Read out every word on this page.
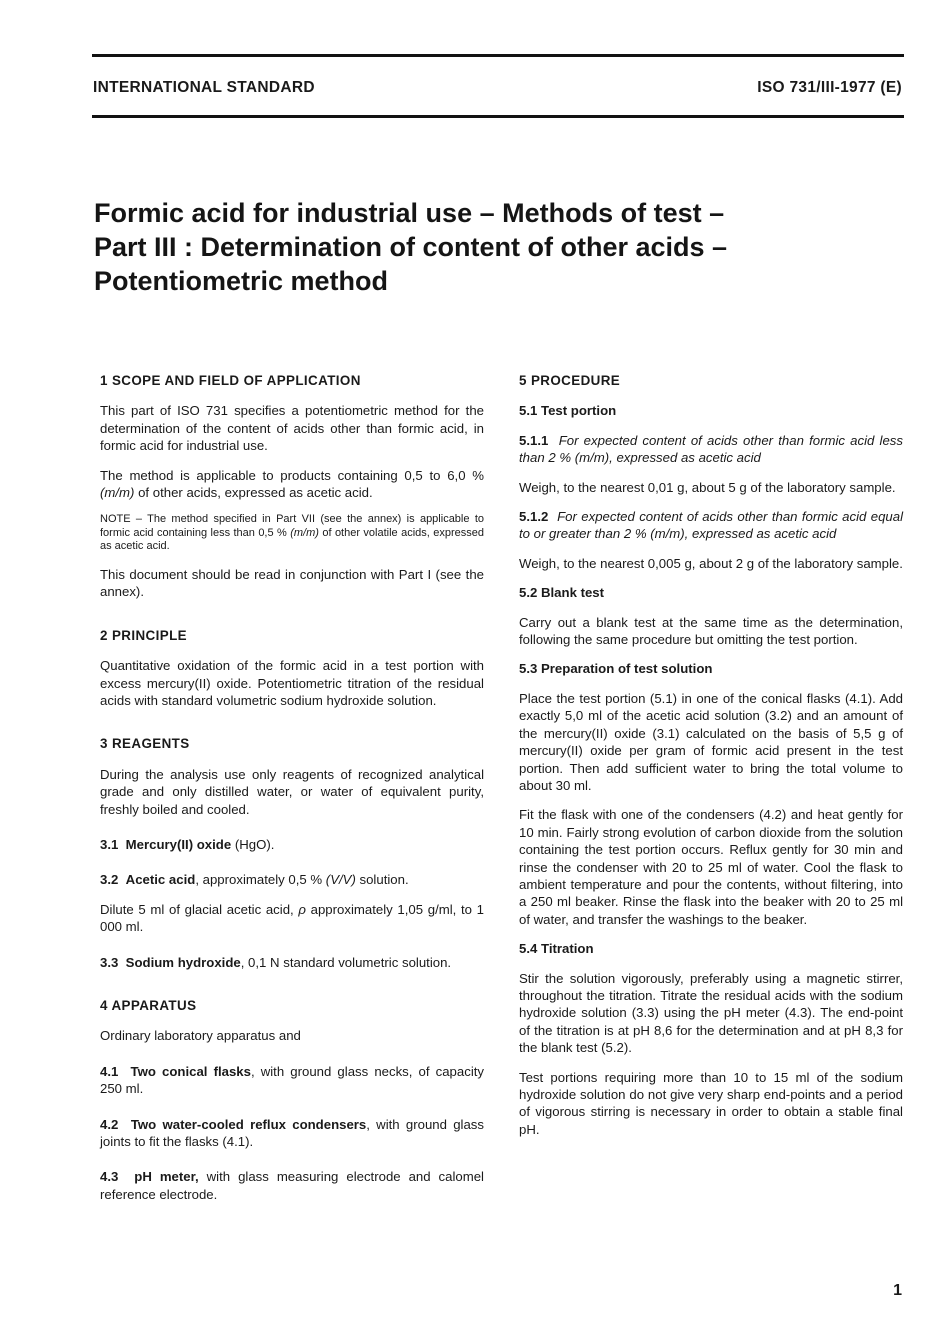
INTERNATIONAL STANDARD	ISO 731/III-1977 (E)
Formic acid for industrial use – Methods of test –
Part III : Determination of content of other acids –
Potentiometric method
1 SCOPE AND FIELD OF APPLICATION

This part of ISO 731 specifies a potentiometric method for the determination of the content of acids other than formic acid, in formic acid for industrial use.

The method is applicable to products containing 0,5 to 6,0 % (m/m) of other acids, expressed as acetic acid.

NOTE – The method specified in Part VII (see the annex) is applicable to formic acid containing less than 0,5 % (m/m) of other volatile acids, expressed as acetic acid.

This document should be read in conjunction with Part I (see the annex).

2 PRINCIPLE

Quantitative oxidation of the formic acid in a test portion with excess mercury(II) oxide. Potentiometric titration of the residual acids with standard volumetric sodium hydroxide solution.

3 REAGENTS

During the analysis use only reagents of recognized analytical grade and only distilled water, or water of equivalent purity, freshly boiled and cooled.

3.1 Mercury(II) oxide (HgO).

3.2 Acetic acid, approximately 0,5 % (V/V) solution.

Dilute 5 ml of glacial acetic acid, ρ approximately 1,05 g/ml, to 1 000 ml.

3.3 Sodium hydroxide, 0,1 N standard volumetric solution.

4 APPARATUS

Ordinary laboratory apparatus and

4.1 Two conical flasks, with ground glass necks, of capacity 250 ml.

4.2 Two water-cooled reflux condensers, with ground glass joints to fit the flasks (4.1).

4.3 pH meter, with glass measuring electrode and calomel reference electrode.

5 PROCEDURE
5.1 Test portion

5.1.1 For expected content of acids other than formic acid less than 2 % (m/m), expressed as acetic acid

Weigh, to the nearest 0,01 g, about 5 g of the laboratory sample.

5.1.2 For expected content of acids other than formic acid equal to or greater than 2 % (m/m), expressed as acetic acid

Weigh, to the nearest 0,005 g, about 2 g of the laboratory sample.

5.2 Blank test

Carry out a blank test at the same time as the determination, following the same procedure but omitting the test portion.

5.3 Preparation of test solution

Place the test portion (5.1) in one of the conical flasks (4.1). Add exactly 5,0 ml of the acetic acid solution (3.2) and an amount of the mercury(II) oxide (3.1) calculated on the basis of 5,5 g of mercury(II) oxide per gram of formic acid present in the test portion. Then add sufficient water to bring the total volume to about 30 ml.

Fit the flask with one of the condensers (4.2) and heat gently for 10 min. Fairly strong evolution of carbon dioxide from the solution containing the test portion occurs. Reflux gently for 30 min and rinse the condenser with 20 to 25 ml of water. Cool the flask to ambient temperature and pour the contents, without filtering, into a 250 ml beaker. Rinse the flask into the beaker with 20 to 25 ml of water, and transfer the washings to the beaker.

5.4 Titration

Stir the solution vigorously, preferably using a magnetic stirrer, throughout the titration. Titrate the residual acids with the sodium hydroxide solution (3.3) using the pH meter (4.3). The end-point of the titration is at pH 8,6 for the determination and at pH 8,3 for the blank test (5.2).

Test portions requiring more than 10 to 15 ml of the sodium hydroxide solution do not give very sharp end-points and a period of vigorous stirring is necessary in order to obtain a stable final pH.

1
